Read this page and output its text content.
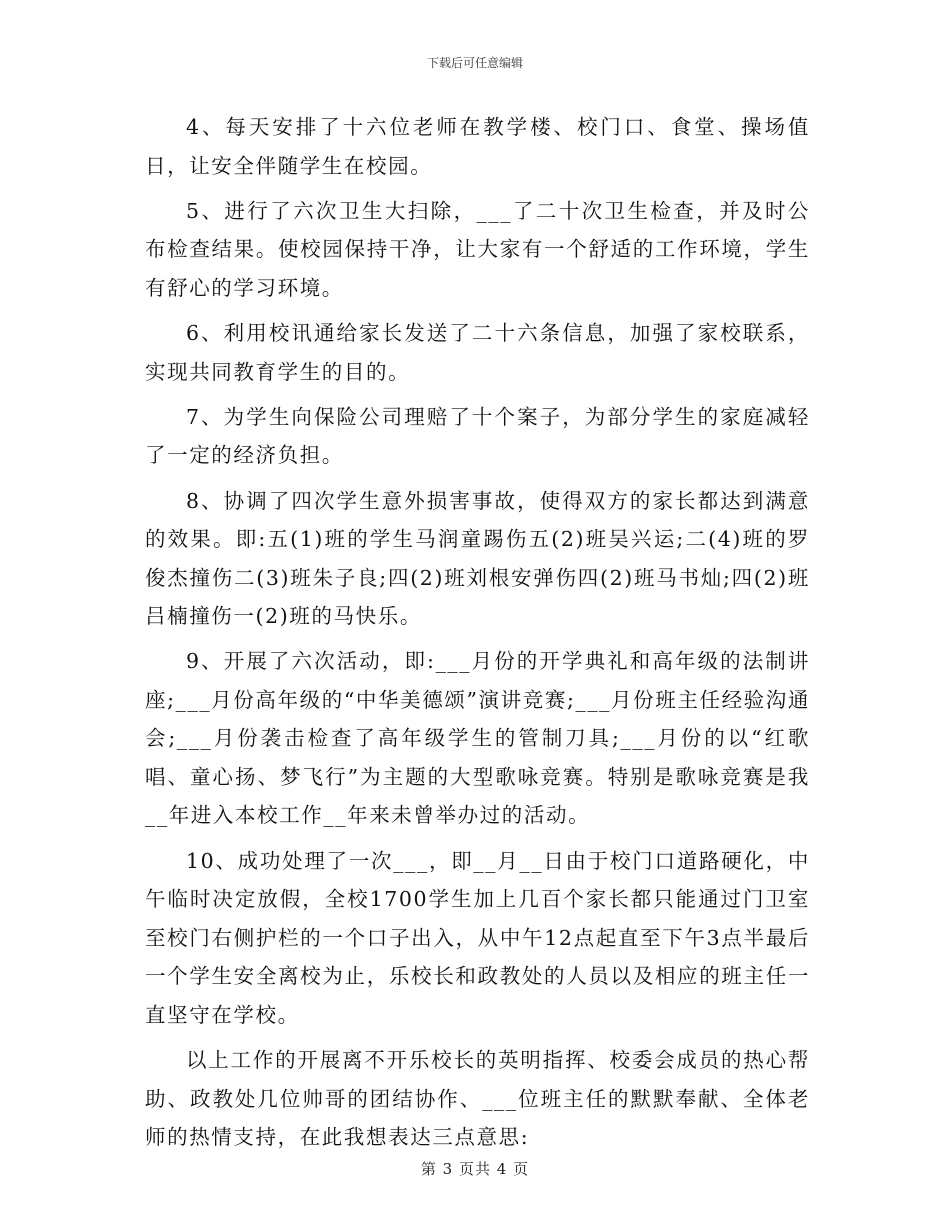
下载后可任意编辑

4、每天安排了十六位老师在教学楼、校门口、食堂、操场值日，让安全伴随学生在校园。

5、进行了六次卫生大扫除，___了二十次卫生检查，并及时公布检查结果。使校园保持干净，让大家有一个舒适的工作环境，学生有舒心的学习环境。

6、利用校讯通给家长发送了二十六条信息，加强了家校联系，实现共同教育学生的目的。

7、为学生向保险公司理赔了十个案子，为部分学生的家庭减轻了一定的经济负担。

8、协调了四次学生意外损害事故，使得双方的家长都达到满意的效果。即:五(1)班的学生马润童踢伤五(2)班吴兴运;二(4)班的罗俊杰撞伤二(3)班朱子良;四(2)班刘根安弹伤四(2)班马书灿;四(2)班吕楠撞伤一(2)班的马快乐。

9、开展了六次活动，即:___月份的开学典礼和高年级的法制讲座;___月份高年级的“中华美德颂”演讲竞赛;___月份班主任经验沟通会;___月份袭击检查了高年级学生的管制刀具;___月份的以“红歌唱、童心扬、梦飞行”为主题的大型歌咏竞赛。特别是歌咏竞赛是我__年进入本校工作__年来未曾举办过的活动。

10、成功处理了一次___，即__月__日由于校门口道路硬化，中午临时决定放假，全校1700学生加上几百个家长都只能通过门卫室至校门右侧护栏的一个口子出入，从中午12点起直至下午3点半最后一个学生安全离校为止，乐校长和政教处的人员以及相应的班主任一直坚守在学校。

以上工作的开展离不开乐校长的英明指挥、校委会成员的热心帮助、政教处几位帅哥的团结协作、___位班主任的默默奉献、全体老师的热情支持，在此我想表达三点意思:

第 3 页共 4 页
